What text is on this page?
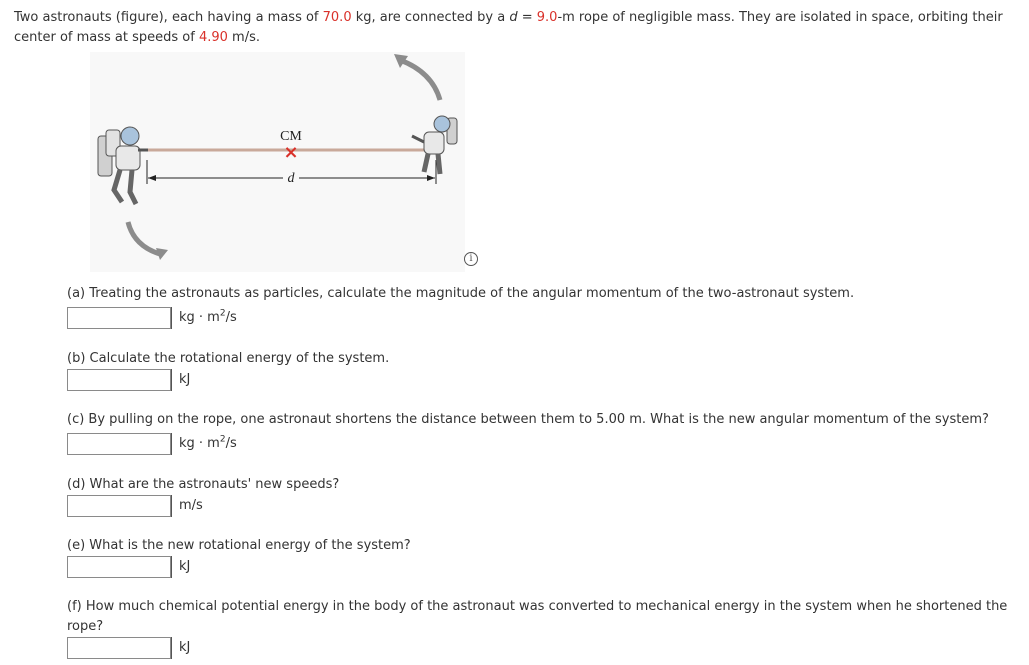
Two astronauts (figure), each having a mass of 70.0 kg, are connected by a d = 9.0-m rope of negligible mass. They are isolated in space, orbiting their center of mass at speeds of 4.90 m/s.

CM
×
d
i

(a) Treating the astronauts as particles, calculate the magnitude of the angular momentum of the two-astronaut system.

kg · $m^2/s$

(b) Calculate the rotational energy of the system.

kJ

(c) By pulling on the rope, one astronaut shortens the distance between them to 5.00 m. What is the new angular momentum of the system?

kg · $m^2/s$

(d) What are the astronauts' new speeds?

m/s

(e) What is the new rotational energy of the system?

kJ

(f) How much chemical potential energy in the body of the astronaut was converted to mechanical energy in the system when he shortened the rope?

kJ
